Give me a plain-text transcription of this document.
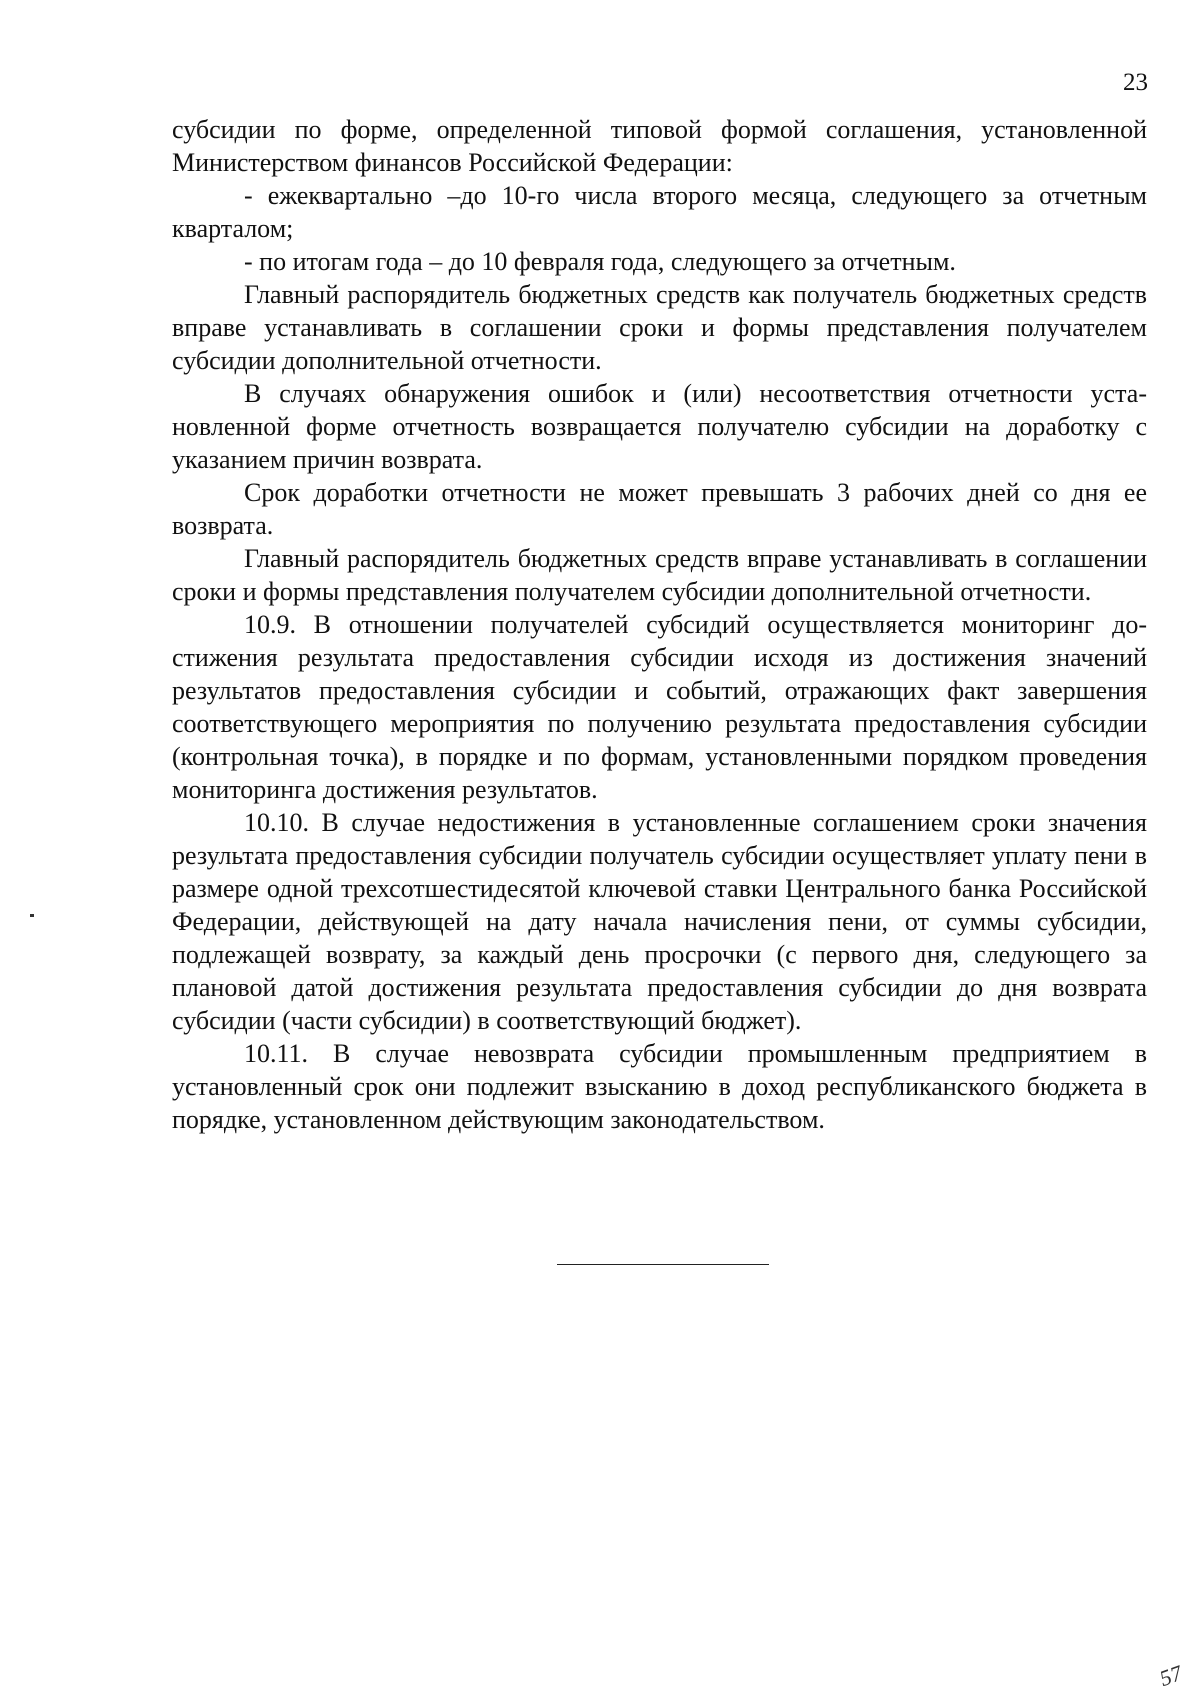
23

субсидии по форме, определенной типовой формой соглашения, установленной Министерством финансов Российской Федерации:

- ежеквартально –до 10-го числа второго месяца, следующего за отчетным кварталом;

- по итогам года – до 10 февраля года, следующего за отчетным.

Главный распорядитель бюджетных средств как получатель бюджетных средств вправе устанавливать в соглашении сроки и формы представления получателем субсидии дополнительной отчетности.

В случаях обнаружения ошибок и (или) несоответствия отчетности установленной форме отчетность возвращается получателю субсидии на доработку с указанием причин возврата.

Срок доработки отчетности не может превышать 3 рабочих дней со дня ее возврата.

Главный распорядитель бюджетных средств вправе устанавливать в соглашении сроки и формы представления получателем субсидии дополнительной отчетности.

10.9. В отношении получателей субсидий осуществляется мониторинг достижения результата предоставления субсидии исходя из достижения значений результатов предоставления субсидии и событий, отражающих факт завершения соответствующего мероприятия по получению результата предоставления субсидии (контрольная точка), в порядке и по формам, установленными порядком проведения мониторинга достижения результатов.

10.10. В случае недостижения в установленные соглашением сроки значения результата предоставления субсидии получатель субсидии осуществляет уплату пени в размере одной трехсотшестидесятой ключевой ставки Центрального банка Российской Федерации, действующей на дату начала начисления пени, от суммы субсидии, подлежащей возврату, за каждый день просрочки (с первого дня, следующего за плановой датой достижения результата предоставления субсидии до дня возврата субсидии (части субсидии) в соответствующий бюджет).

10.11. В случае невозврата субсидии промышленным предприятием в установленный срок они подлежит взысканию в доход республиканского бюджета в порядке, установленном действующим законодательством.

57
